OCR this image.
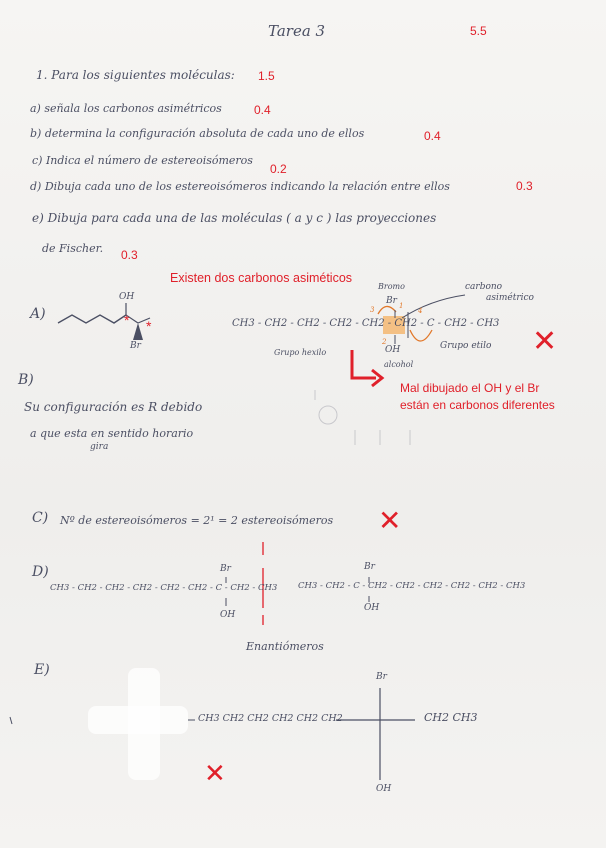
Tarea 3	5.5
1. Para los siguientes moléculas: 1.5
a) señala los carbonos asimétricos	0.4
b) determina la configuración absoluta de cada uno de ellos	0.4
c) Indica el número de estereoisómeros
0.2
d) Dibuja cada uno de los estereoisómeros indicando la relación entre ellos	0.3
e) Dibuja para cada una de las moléculas ( a y c ) las proyecciones
de Fischer. 0.3
Existen dos carbonos asiméticos
A)
OH
Br
* *	CH3 - CH2 - CH2 - CH2 - CH2 - CH2 - C - CH2 - CH3
Bromo
Br
OH
carbono
asimétrico
Grupo hexilo
Grupo etilo
alcohol
1
2
3	4
✕
Mal dibujado el OH y el Br
están en carbonos diferentes
B)
Su configuración es R debido
a que esta en sentido horario
gira
C) Nº de estereoisómeros = 2¹ = 2 estereoisómeros ✕
D)	Br
CH3 - CH2 - CH2 - CH2 - CH2 - CH2 - C - CH2 - CH3
OH
Br
CH3 - CH2 - C - CH2 - CH2 - CH2 - CH2 - CH2 - CH3
OH
Enantiómeros
E)
CH3 CH2 CH2 CH2 CH2 CH2
Br
CH2 CH3
OH
✕
